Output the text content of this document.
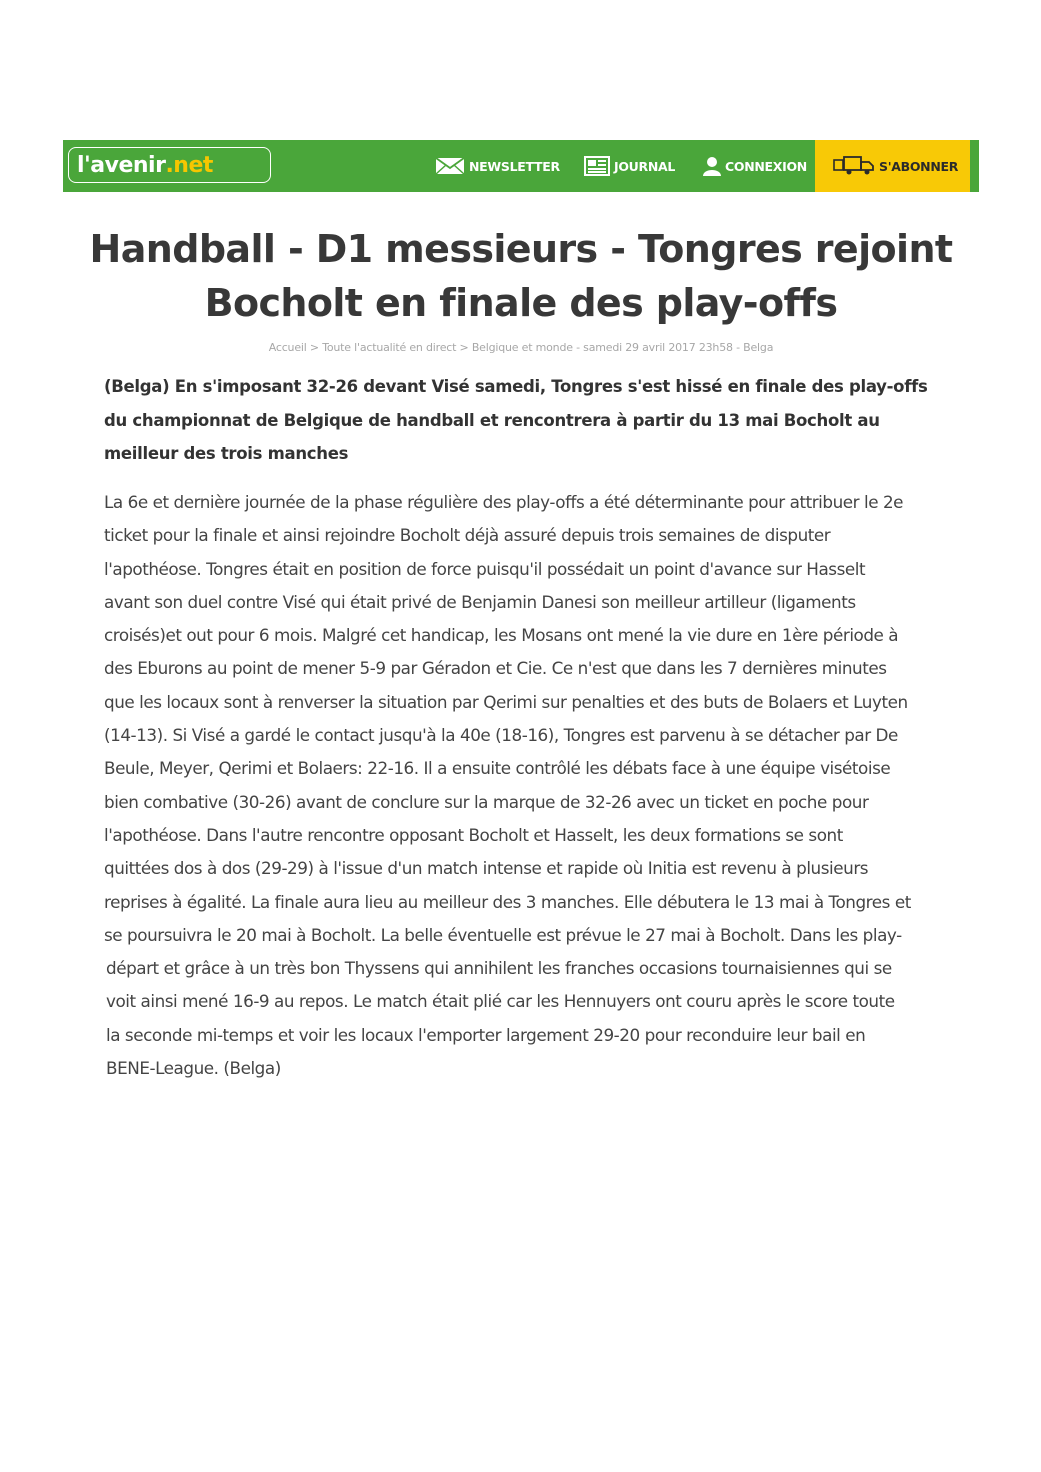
l'avenir .net	NEWSLETTER	JOURNAL	CONNEXION	S'ABONNER
Handball - D1 messieurs - Tongres rejoint Bocholt en finale des play-offs
Accueil > Toute l'actualité en direct > Belgique et monde - samedi 29 avril 2017 23h58 - Belga

(Belga) En s'imposant 32-26 devant Visé samedi, Tongres s'est hissé en finale des play-offs du championnat de Belgique de handball et rencontrera à partir du 13 mai Bocholt au meilleur des trois manches

La 6e et dernière journée de la phase régulière des play-offs a été déterminante pour attribuer le 2e
ticket pour la finale et ainsi rejoindre Bocholt déjà assuré depuis trois semaines de disputer
l'apothéose. Tongres était en position de force puisqu'il possédait un point d'avance sur Hasselt
avant son duel contre Visé qui était privé de Benjamin Danesi son meilleur artilleur (ligaments
croisés)et out pour 6 mois. Malgré cet handicap, les Mosans ont mené la vie dure en 1ère période à
des Eburons au point de mener 5-9 par Géradon et Cie. Ce n'est que dans les 7 dernières minutes
que les locaux sont à renverser la situation par Qerimi sur penalties et des buts de Bolaers et Luyten
(14-13). Si Visé a gardé le contact jusqu'à la 40e (18-16), Tongres est parvenu à se détacher par De
Beule, Meyer, Qerimi et Bolaers: 22-16. Il a ensuite contrôlé les débats face à une équipe visétoise
bien combative (30-26) avant de conclure sur la marque de 32-26 avec un ticket en poche pour
l'apothéose. Dans l'autre rencontre opposant Bocholt et Hasselt, les deux formations se sont
quittées dos à dos (29-29) à l'issue d'un match intense et rapide où Initia est revenu à plusieurs
reprises à égalité. La finale aura lieu au meilleur des 3 manches. Elle débutera le 13 mai à Tongres et
se poursuivra le 20 mai à Bocholt. La belle éventuelle est prévue le 27 mai à Bocholt. Dans les play-
départ et grâce à un très bon Thyssens qui annihilent les franches occasions tournaisiennes qui se
voit ainsi mené 16-9 au repos. Le match était plié car les Hennuyers ont couru après le score toute
la seconde mi-temps et voir les locaux l'emporter largement 29-20 pour reconduire leur bail en
BENE-League. (Belga)
